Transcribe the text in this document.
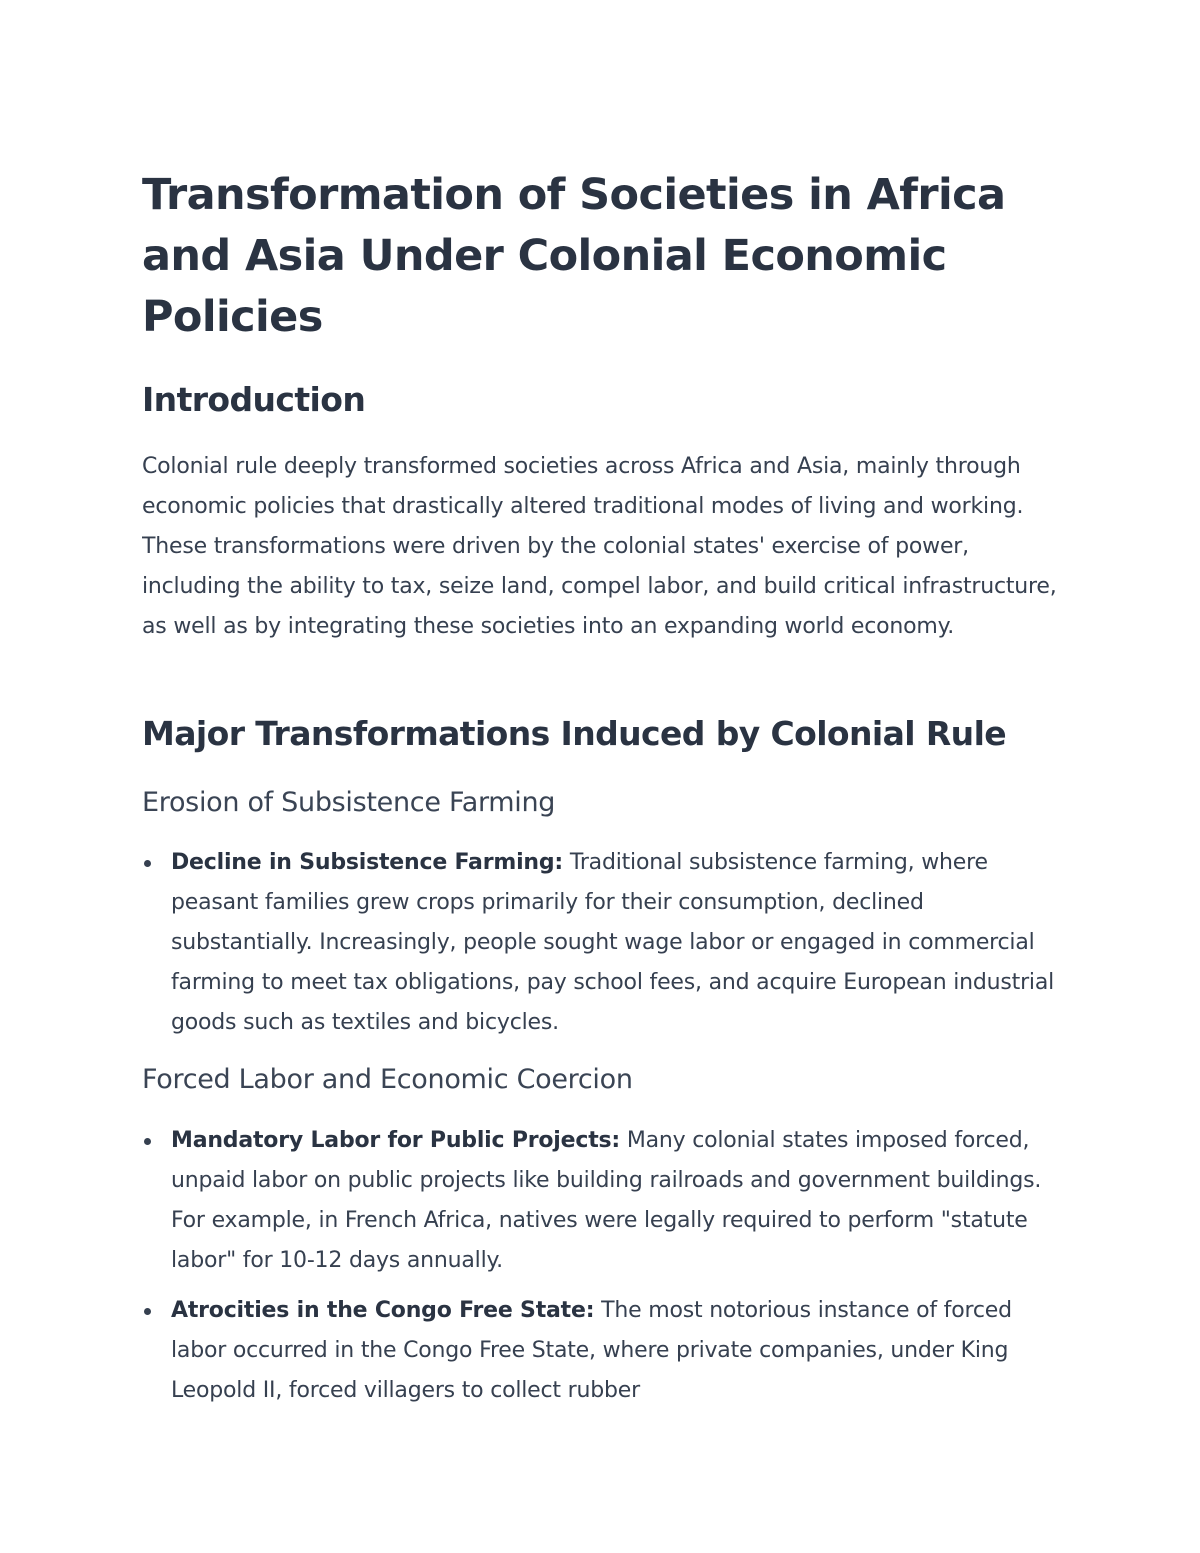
Transformation of Societies in Africa and Asia Under Colonial Economic Policies
Introduction

Colonial rule deeply transformed societies across Africa and Asia, mainly through economic policies that drastically altered traditional modes of living and working. These transformations were driven by the colonial states' exercise of power, including the ability to tax, seize land, compel labor, and build critical infrastructure, as well as by integrating these societies into an expanding world economy.

Major Transformations Induced by Colonial Rule
Erosion of Subsistence Farming
Decline in Subsistence Farming: Traditional subsistence farming, where peasant families grew crops primarily for their consumption, declined substantially. Increasingly, people sought wage labor or engaged in commercial farming to meet tax obligations, pay school fees, and acquire European industrial goods such as textiles and bicycles.
Forced Labor and Economic Coercion
Mandatory Labor for Public Projects: Many colonial states imposed forced, unpaid labor on public projects like building railroads and government buildings. For example, in French Africa, natives were legally required to perform "statute labor" for 10-12 days annually.
Atrocities in the Congo Free State: The most notorious instance of forced labor occurred in the Congo Free State, where private companies, under King Leopold II, forced villagers to collect rubber
